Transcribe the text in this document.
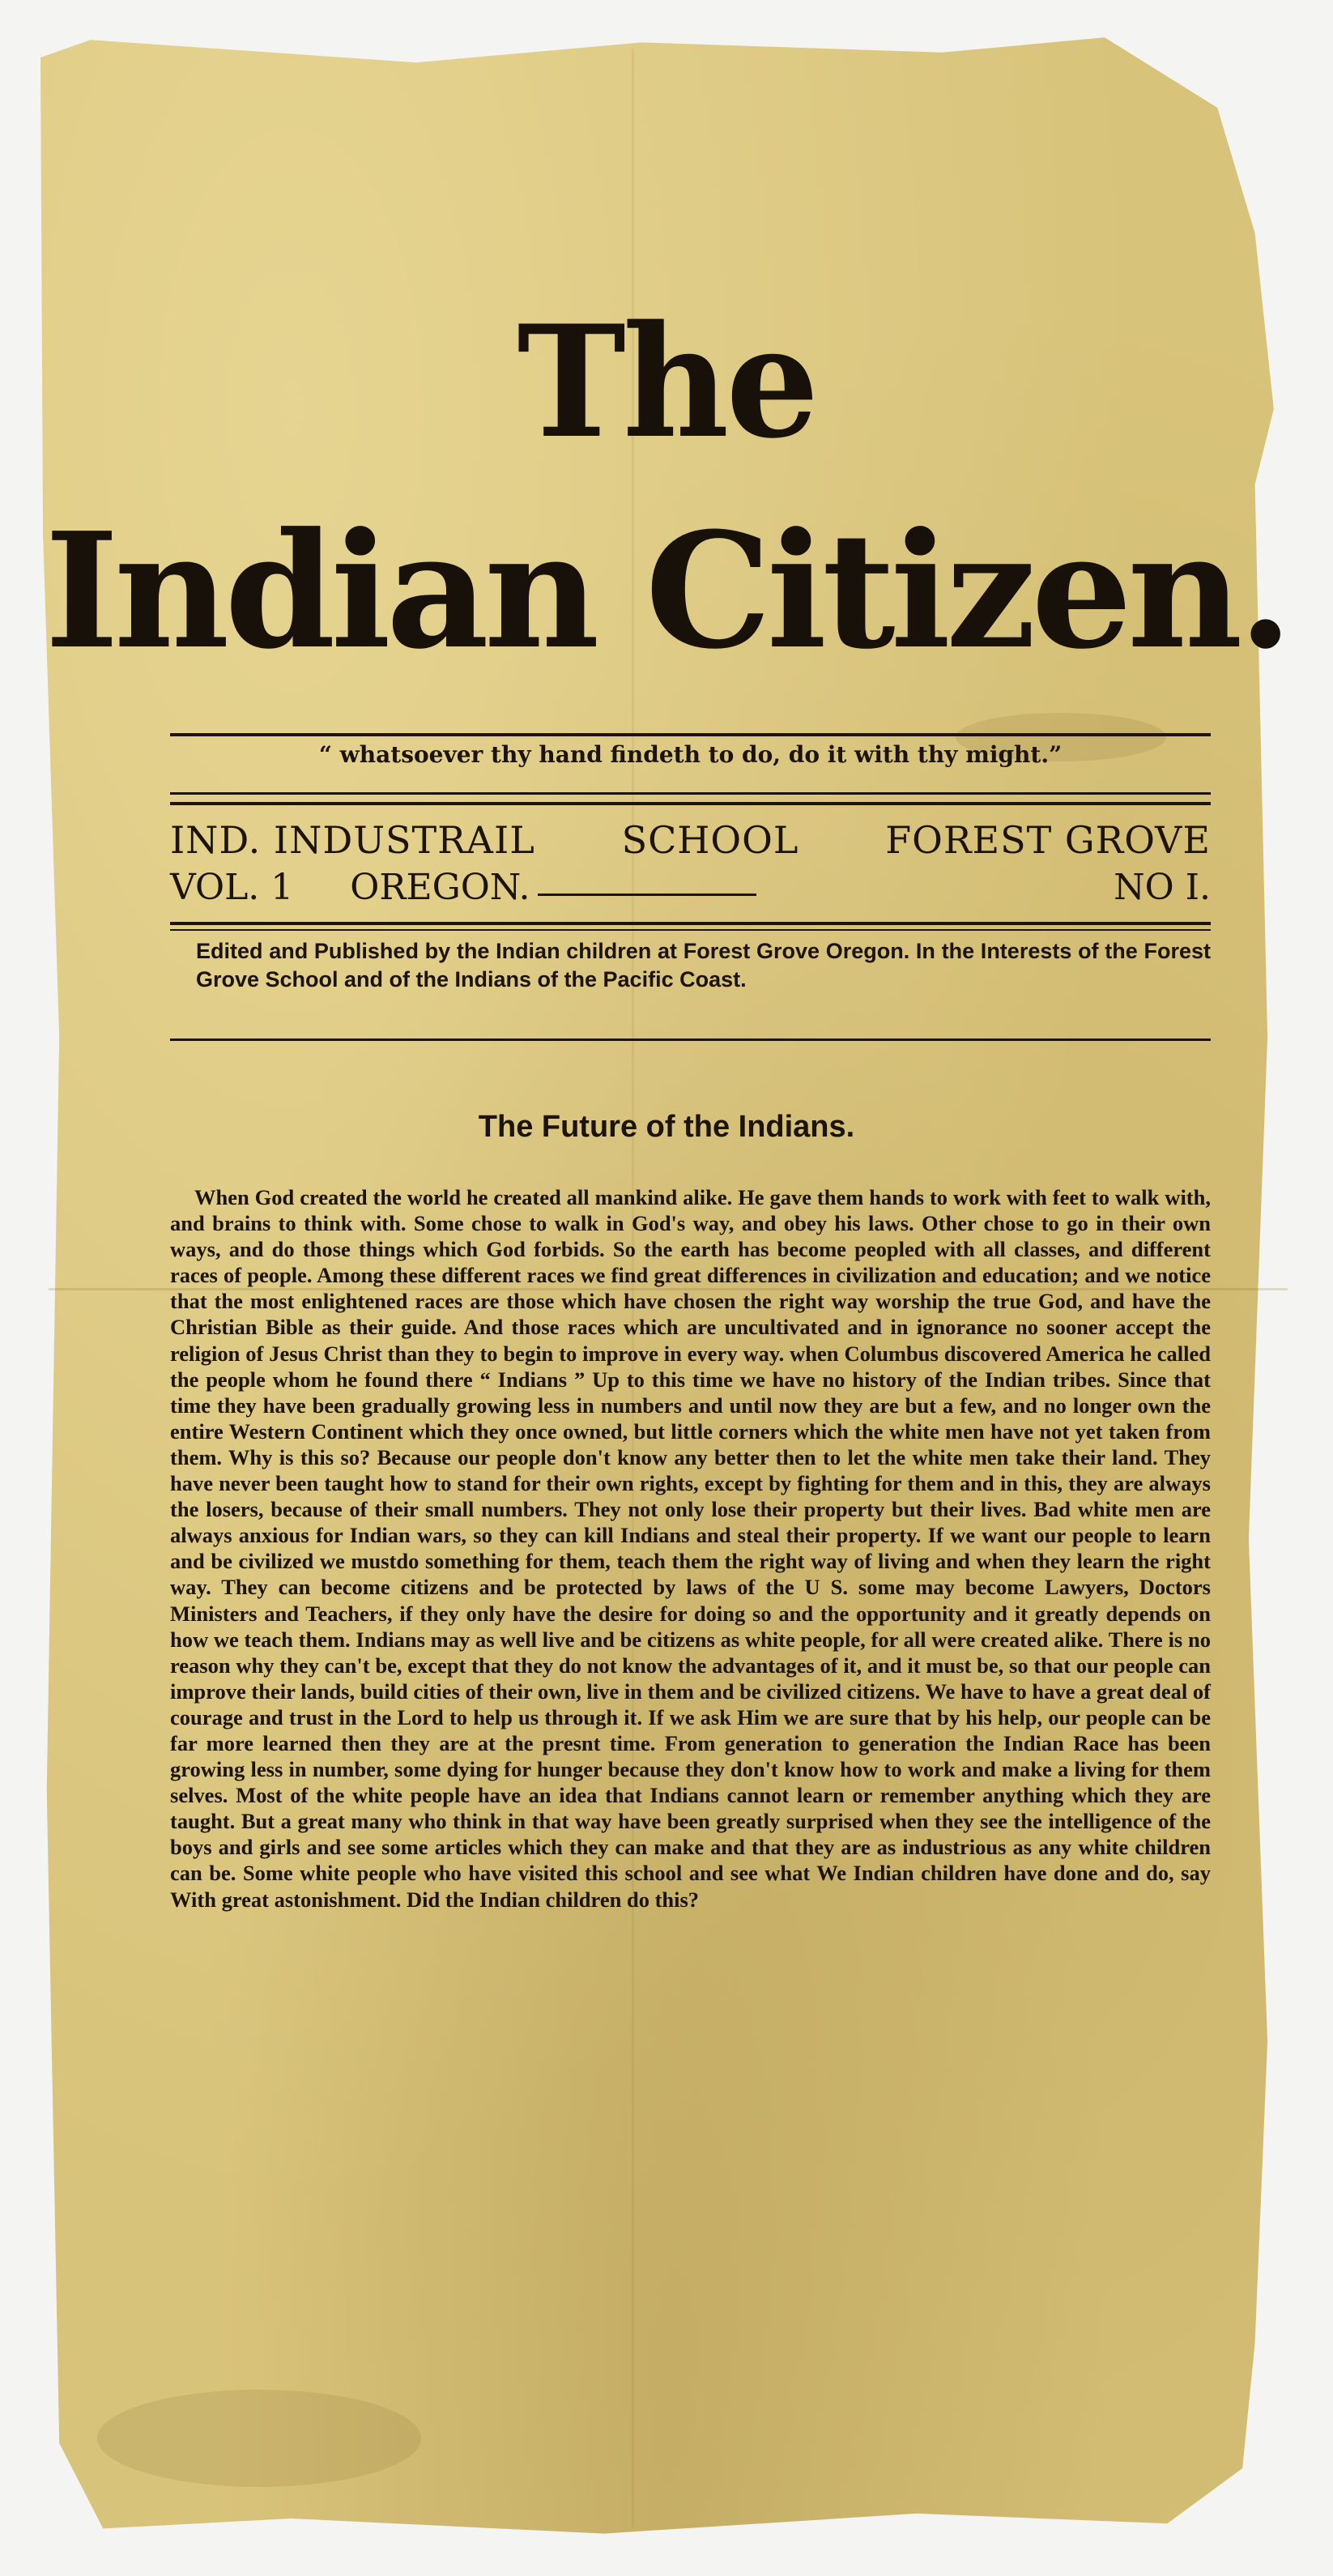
The
Indian Citizen.
“ whatsoever thy hand findeth to do, do it with thy might.”
IND. INDUSTRAIL SCHOOL FOREST GROVE
VOL. 1 OREGON.	NO I.
Edited and Published by the Indian children at Forest Grove Oregon. In the Interests of the Forest Grove School and of the Indians of the Pacific Coast.
The Future of the Indians.

When God created the world he created all mankind alike. He gave them hands to work with feet to walk with, and brains to think with. Some chose to walk in God's way, and obey his laws. Other chose to go in their own ways, and do those things which God forbids. So the earth has become peopled with all classes, and different races of people. Among these different races we find great differences in civilization and education; and we notice that the most enlightened races are those which have chosen the right way worship the true God, and have the Christian Bible as their guide. And those races which are uncultivated and in ignorance no sooner accept the religion of Jesus Christ than they to begin to improve in every way. when Columbus discovered America he called the people whom he found there “ Indians ” Up to this time we have no history of the Indian tribes. Since that time they have been gradually growing less in numbers and until now they are but a few, and no longer own the entire Western Continent which they once owned, but little corners which the white men have not yet taken from them. Why is this so? Because our people don't know any better then to let the white men take their land. They have never been taught how to stand for their own rights, except by fighting for them and in this, they are always the losers, because of their small numbers. They not only lose their property but their lives. Bad white men are always anxious for Indian wars, so they can kill Indians and steal their property. If we want our people to learn and be civilized we mustdo something for them, teach them the right way of living and when they learn the right way. They can become citizens and be protected by laws of the U S. some may become Lawyers, Doctors Ministers and Teachers, if they only have the desire for doing so and the opportunity and it greatly depends on how we teach them. Indians may as well live and be citizens as white people, for all were created alike. There is no reason why they can't be, except that they do not know the advantages of it, and it must be, so that our people can improve their lands, build cities of their own, live in them and be civilized citizens. We have to have a great deal of courage and trust in the Lord to help us through it. If we ask Him we are sure that by his help, our people can be far more learned then they are at the presnt time. From generation to generation the Indian Race has been growing less in number, some dying for hunger because they don't know how to work and make a living for them selves. Most of the white people have an idea that Indians cannot learn or remember anything which they are taught. But a great many who think in that way have been greatly surprised when they see the intelligence of the boys and girls and see some articles which they can make and that they are as industrious as any white children can be. Some white people who have visited this school and see what We Indian children have done and do, say With great astonishment. Did the Indian children do this?
